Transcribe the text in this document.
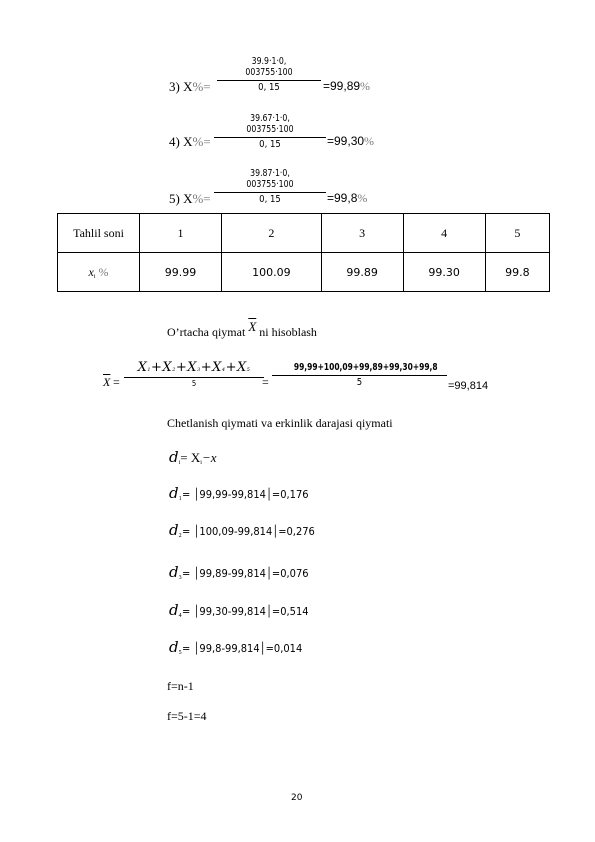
39.9·1·0, 003755·100
0, 15
3) X%=	=99,89%
39.67·1·0, 003755·100
0, 15
4) X%=	=99,30%
39.87·1·0, 003755·100
0, 15
5) X%=	=99,8%
Tahlil soni	1	2	3	4	5
$x_i$ %	99.99	100.09	99.89	99.30	99.8
O’rtacha qiymat $\overline{X}$ ni hisoblash
$\overline{X}$ =
X1+X2+X3+X4+X5
5	=
99,99+100,09+99,89+99,30+99,8
5	=99,814
Chetlanish qiymati va erkinlik darajasi qiymati
$d_i= X_i-x$
$d_1=$ │99,99-99,814│=0,176
$d_2=$ │100,09-99,814│=0,276
$d_3=$ │99,89-99,814│=0,076
$d_4=$ │99,30-99,814│=0,514
$d_5=$ │99,8-99,814│=0,014
f=n-1
f=5-1=4
20
